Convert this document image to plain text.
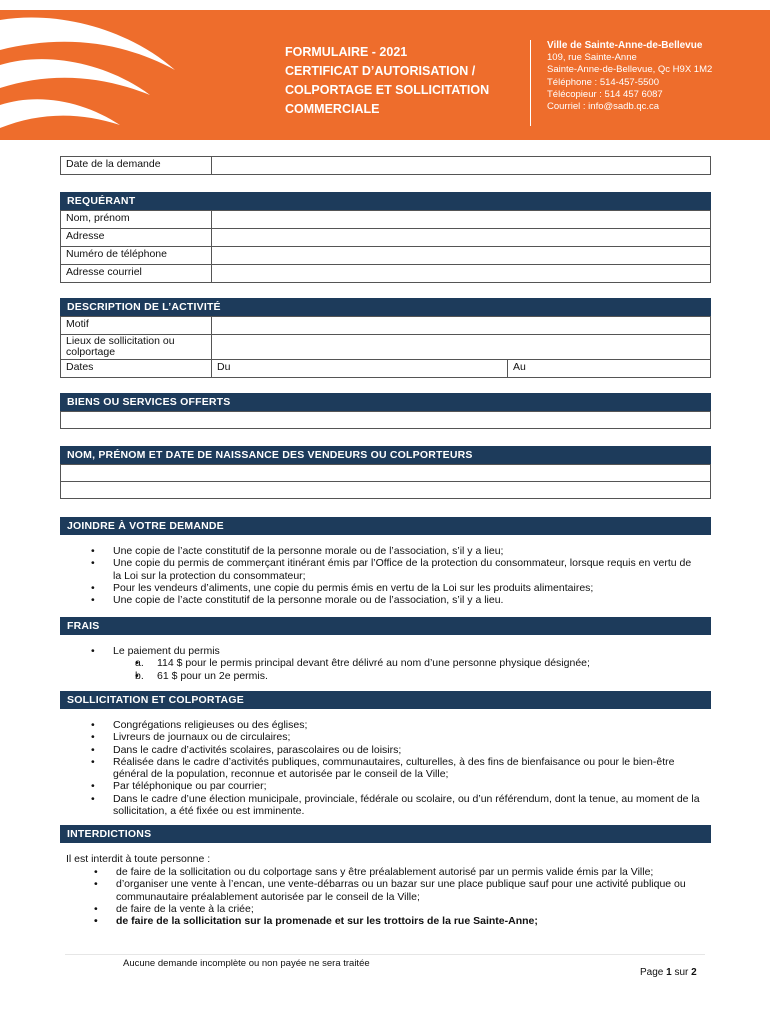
FORMULAIRE - 2021
CERTIFICAT D’AUTORISATION /
COLPORTAGE ET SOLLICITATION
COMMERCIALE
Ville de Sainte-Anne-de-Bellevue
109, rue Sainte-Anne
Sainte-Anne-de-Bellevue, Qc H9X 1M2
Téléphone : 514-457-5500
Télécopieur : 514 457 6087
Courriel : info@sadb.qc.ca
Date de la demande	
REQUÉRANT
Nom, prénom	
Adresse	
Numéro de téléphone	
Adresse courriel	
DESCRIPTION DE L’ACTIVITÉ
Motif		
Lieux de sollicitation ou colportage		
Dates	Du	Au
BIENS OU SERVICES OFFERTS
NOM, PRÉNOM ET DATE DE NAISSANCE DES VENDEURS OU COLPORTEURS

JOINDRE À VOTRE DEMANDE
• Une copie de l’acte constitutif de la personne morale ou de l’association, s’il y a lieu;
• Une copie du permis de commerçant itinérant émis par l’Office de la protection du consommateur, lorsque requis en vertu de la Loi sur la protection du consommateur;
• Pour les vendeurs d’aliments, une copie du permis émis en vertu de la Loi sur les produits alimentaires;
• Une copie de l’acte constitutif de la personne morale ou de l’association, s’il y a lieu.
FRAIS
• Le paiement du permis
• a. 114 $ pour le permis principal devant être délivré au nom d’une personne physique désignée;
• b. 61 $ pour un 2e permis.
SOLLICITATION ET COLPORTAGE
• Congrégations religieuses ou des églises;
• Livreurs de journaux ou de circulaires;
• Dans le cadre d’activités scolaires, parascolaires ou de loisirs;
• Réalisée dans le cadre d’activités publiques, communautaires, culturelles, à des fins de bienfaisance ou pour le bien-être général de la population, reconnue et autorisée par le conseil de la Ville;
• Par téléphonique ou par courrier;
• Dans le cadre d’une élection municipale, provinciale, fédérale ou scolaire, ou d’un référendum, dont la tenue, au moment de la sollicitation, a été fixée ou est imminente.
INTERDICTIONS
Il est interdit à toute personne :
• de faire de la sollicitation ou du colportage sans y être préalablement autorisé par un permis valide émis par la Ville;
• d’organiser une vente à l’encan, une vente-débarras ou un bazar sur une place publique sauf pour une activité publique ou communautaire préalablement autorisée par le conseil de la Ville;
• de faire de la vente à la criée;
• de faire de la sollicitation sur la promenade et sur les trottoirs de la rue Sainte-Anne;
Aucune demande incomplète ou non payée ne sera traitée
Page 1 sur 2
